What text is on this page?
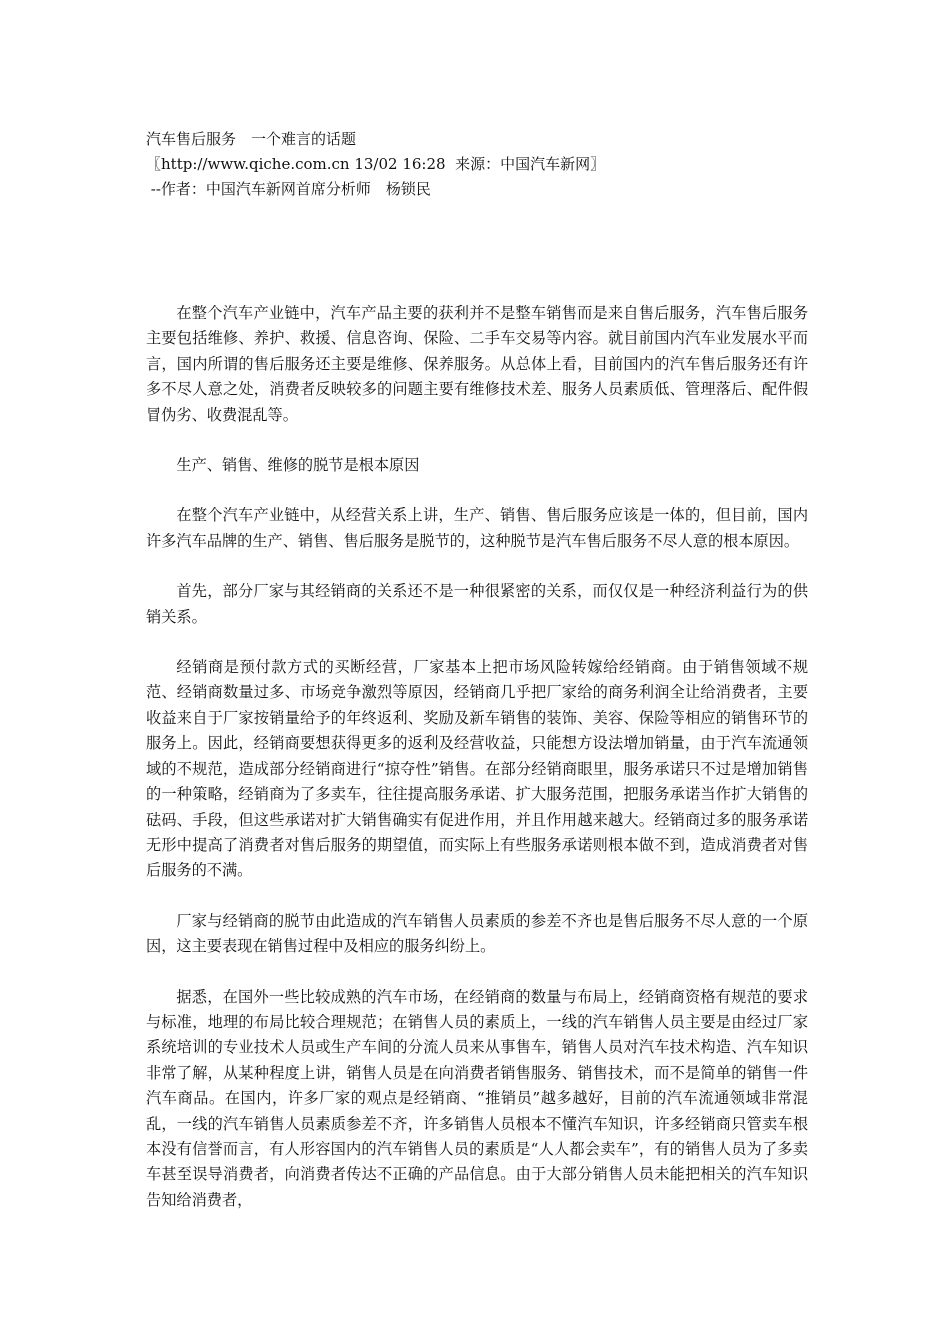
汽车售后服务　一个难言的话题
〖http://www.qiche.com.cn 13/02 16:28  来源：中国汽车新网〗
--作者：中国汽车新网首席分析师　杨锁民

在整个汽车产业链中，汽车产品主要的获利并不是整车销售而是来自售后服务，汽车售后服务主要包括维修、养护、救援、信息咨询、保险、二手车交易等内容。就目前国内汽车业发展水平而言，国内所谓的售后服务还主要是维修、保养服务。从总体上看，目前国内的汽车售后服务还有许多不尽人意之处，消费者反映较多的问题主要有维修技术差、服务人员素质低、管理落后、配件假冒伪劣、收费混乱等。

生产、销售、维修的脱节是根本原因

在整个汽车产业链中，从经营关系上讲，生产、销售、售后服务应该是一体的，但目前，国内许多汽车品牌的生产、销售、售后服务是脱节的，这种脱节是汽车售后服务不尽人意的根本原因。

首先，部分厂家与其经销商的关系还不是一种很紧密的关系，而仅仅是一种经济利益行为的供销关系。

经销商是预付款方式的买断经营，厂家基本上把市场风险转嫁给经销商。由于销售领域不规范、经销商数量过多、市场竞争激烈等原因，经销商几乎把厂家给的商务利润全让给消费者，主要收益来自于厂家按销量给予的年终返利、奖励及新车销售的装饰、美容、保险等相应的销售环节的服务上。因此，经销商要想获得更多的返利及经营收益，只能想方设法增加销量，由于汽车流通领域的不规范，造成部分经销商进行“掠夺性”销售。在部分经销商眼里，服务承诺只不过是增加销售的一种策略，经销商为了多卖车，往往提高服务承诺、扩大服务范围，把服务承诺当作扩大销售的砝码、手段，但这些承诺对扩大销售确实有促进作用，并且作用越来越大。经销商过多的服务承诺无形中提高了消费者对售后服务的期望值，而实际上有些服务承诺则根本做不到，造成消费者对售后服务的不满。

厂家与经销商的脱节由此造成的汽车销售人员素质的参差不齐也是售后服务不尽人意的一个原因，这主要表现在销售过程中及相应的服务纠纷上。

据悉，在国外一些比较成熟的汽车市场，在经销商的数量与布局上，经销商资格有规范的要求与标准，地理的布局比较合理规范；在销售人员的素质上，一线的汽车销售人员主要是由经过厂家系统培训的专业技术人员或生产车间的分流人员来从事售车，销售人员对汽车技术构造、汽车知识非常了解，从某种程度上讲，销售人员是在向消费者销售服务、销售技术，而不是简单的销售一件汽车商品。在国内，许多厂家的观点是经销商、“推销员”越多越好，目前的汽车流通领域非常混乱，一线的汽车销售人员素质参差不齐，许多销售人员根本不懂汽车知识，许多经销商只管卖车根本没有信誉而言，有人形容国内的汽车销售人员的素质是“人人都会卖车”，有的销售人员为了多卖车甚至误导消费者，向消费者传达不正确的产品信息。由于大部分销售人员未能把相关的汽车知识告知给消费者，
